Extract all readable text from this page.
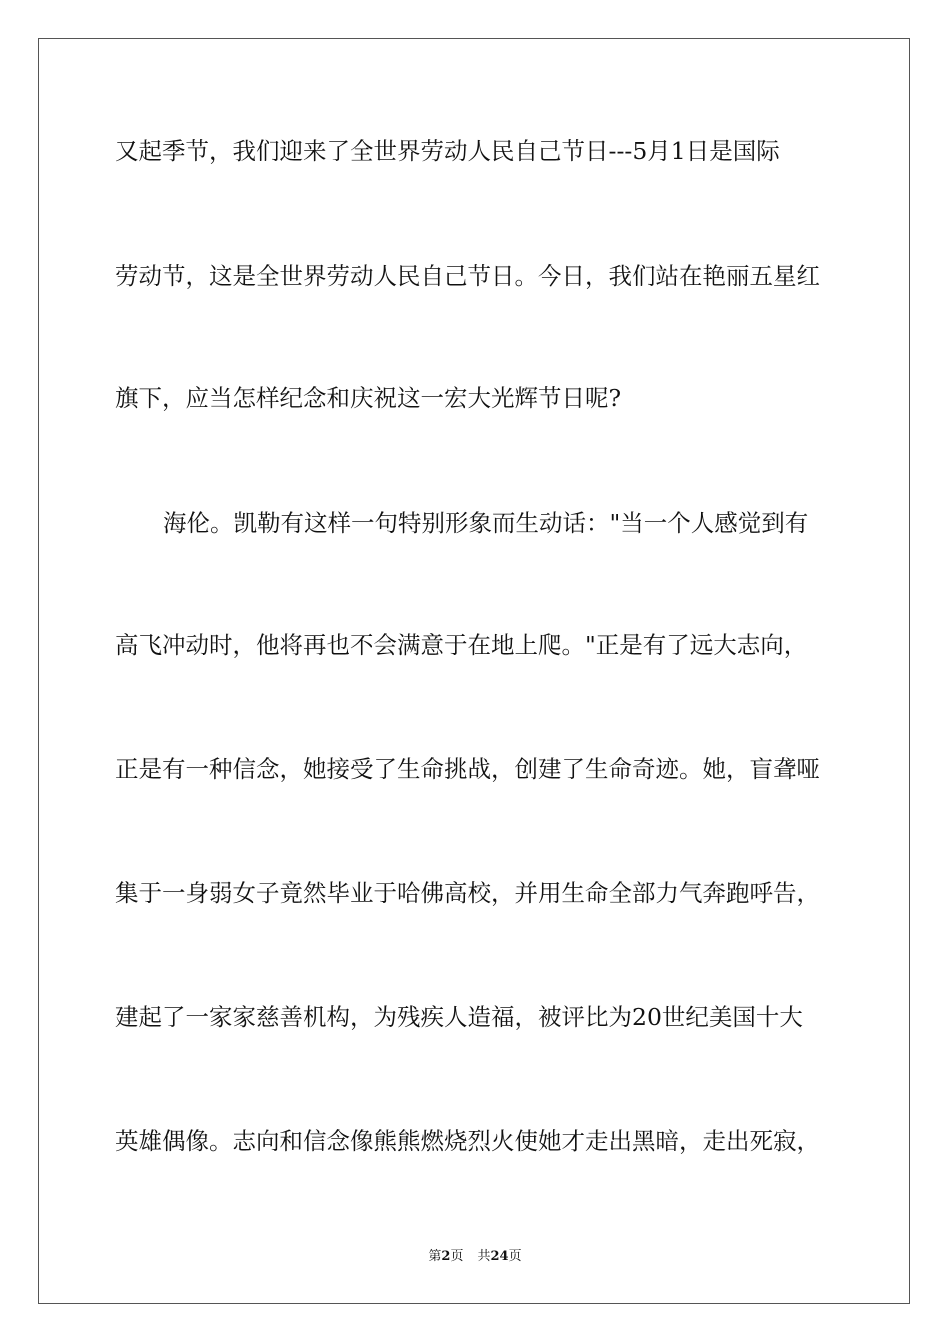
又起季节，我们迎来了全世界劳动人民自己节日---5月1日是国际
劳动节，这是全世界劳动人民自己节日。今日，我们站在艳丽五星红
旗下，应当怎样纪念和庆祝这一宏大光辉节日呢?
海伦。凯勒有这样一句特别形象而生动话："当一个人感觉到有
高飞冲动时，他将再也不会满意于在地上爬。"正是有了远大志向，
正是有一种信念，她接受了生命挑战，创建了生命奇迹。她，盲聋哑
集于一身弱女子竟然毕业于哈佛高校，并用生命全部力气奔跑呼告，
建起了一家家慈善机构，为残疾人造福，被评比为20世纪美国十大
英雄偶像。志向和信念像熊熊燃烧烈火使她才走出黑暗，走出死寂，
第2页 共24页
